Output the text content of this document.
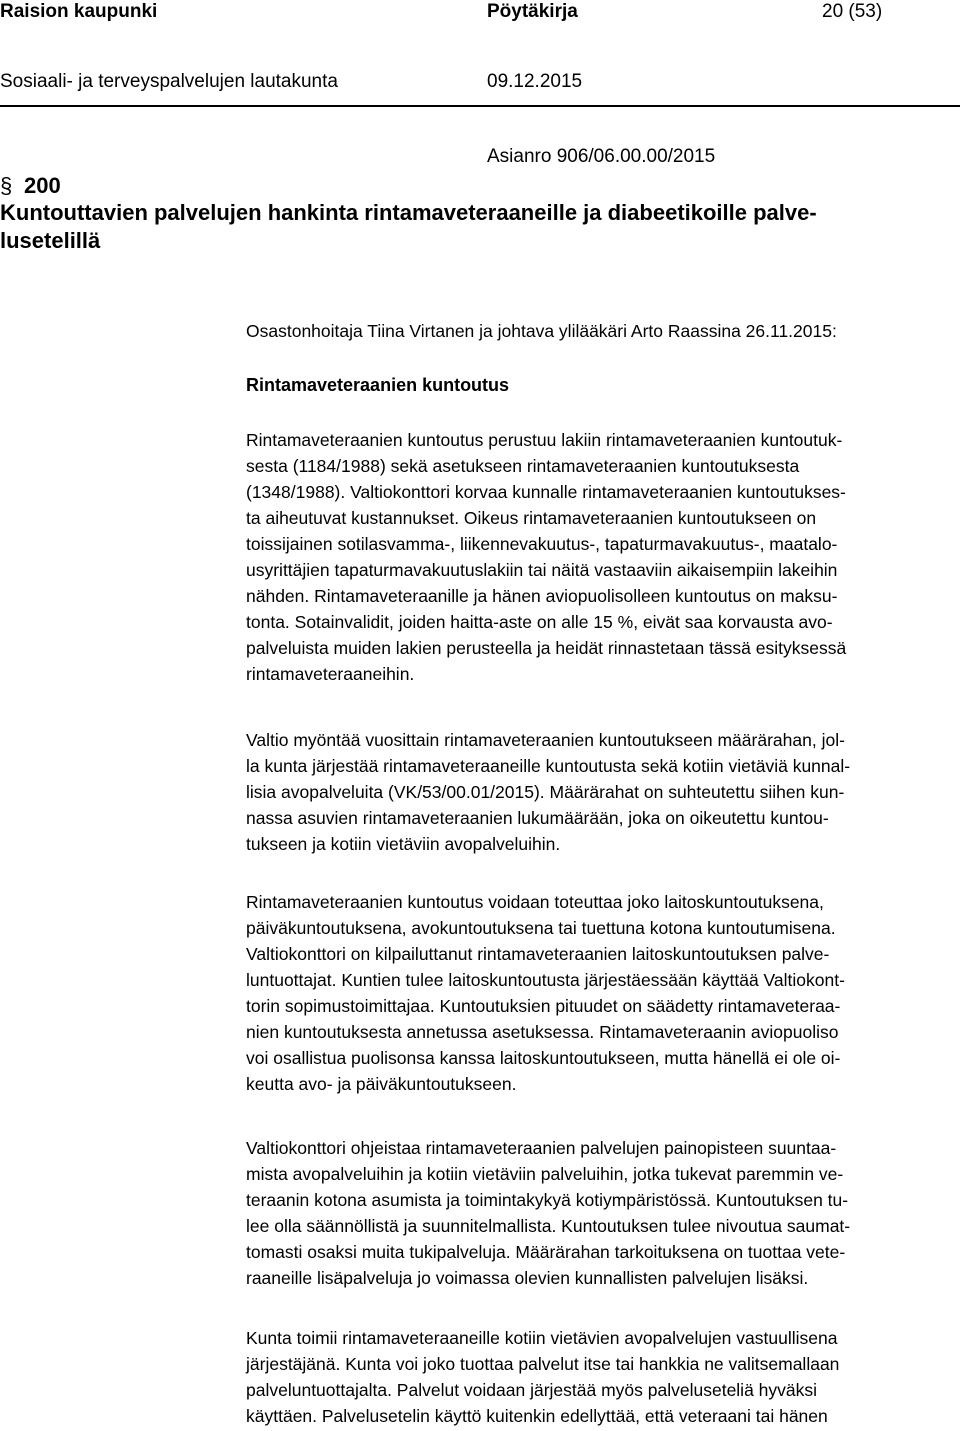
Raision kaupunki	Pöytäkirja	20 (53)
Sosiaali- ja terveyspalvelujen lautakunta	09.12.2015
Asianro 906/06.00.00/2015
§ 200
Kuntouttavien palvelujen hankinta rintamaveteraaneille ja diabeetikoille palve-
lusetelillä

Osastonhoitaja Tiina Virtanen ja johtava ylilääkäri Arto Raassina 26.11.2015:

Rintamaveteraanien kuntoutus
Rintamaveteraanien kuntoutus perustuu lakiin rintamaveteraanien kuntoutuk-
sesta (1184/1988) sekä asetukseen rintamaveteraanien kuntoutuksesta
(1348/1988). Valtiokonttori korvaa kunnalle rintamaveteraanien kuntoutukses-
ta aiheutuvat kustannukset. Oikeus rintamaveteraanien kuntoutukseen on
toissijainen sotilasvamma-, liikennevakuutus-, tapaturmavakuutus-, maatalo-
usyrittäjien tapaturmavakuutuslakiin tai näitä vastaaviin aikaisempiin lakeihin
nähden. Rintamaveteraanille ja hänen aviopuolisolleen kuntoutus on maksu-
tonta. Sotainvalidit, joiden haitta-aste on alle 15 %, eivät saa korvausta avo-
palveluista muiden lakien perusteella ja heidät rinnastetaan tässä esityksessä
rintamaveteraaneihin.
Valtio myöntää vuosittain rintamaveteraanien kuntoutukseen määrärahan, jol-
la kunta järjestää rintamaveteraaneille kuntoutusta sekä kotiin vietäviä kunnal-
lisia avopalveluita (VK/53/00.01/2015). Määrärahat on suhteutettu siihen kun-
nassa asuvien rintamaveteraanien lukumäärään, joka on oikeutettu kuntou-
tukseen ja kotiin vietäviin avopalveluihin.
Rintamaveteraanien kuntoutus voidaan toteuttaa joko laitoskuntoutuksena,
päiväkuntoutuksena, avokuntoutuksena tai tuettuna kotona kuntoutumisena.
Valtiokonttori on kilpailuttanut rintamaveteraanien laitoskuntoutuksen palve-
luntuottajat. Kuntien tulee laitoskuntoutusta järjestäessään käyttää Valtiokont-
torin sopimustoimittajaa. Kuntoutuksien pituudet on säädetty rintamaveteraa-
nien kuntoutuksesta annetussa asetuksessa. Rintamaveteraanin aviopuoliso
voi osallistua puolisonsa kanssa laitoskuntoutukseen, mutta hänellä ei ole oi-
keutta avo- ja päiväkuntoutukseen.
Valtiokonttori ohjeistaa rintamaveteraanien palvelujen painopisteen suuntaa-
mista avopalveluihin ja kotiin vietäviin palveluihin, jotka tukevat paremmin ve-
teraanin kotona asumista ja toimintakykyä kotiympäristössä. Kuntoutuksen tu-
lee olla säännöllistä ja suunnitelmallista. Kuntoutuksen tulee nivoutua saumat-
tomasti osaksi muita tukipalveluja. Määrärahan tarkoituksena on tuottaa vete-
raaneille lisäpalveluja jo voimassa olevien kunnallisten palvelujen lisäksi.
Kunta toimii rintamaveteraaneille kotiin vietävien avopalvelujen vastuullisena
järjestäjänä. Kunta voi joko tuottaa palvelut itse tai hankkia ne valitsemallaan
palveluntuottajalta. Palvelut voidaan järjestää myös palveluseteliä hyväksi
käyttäen. Palvelusetelin käyttö kuitenkin edellyttää, että veteraani tai hänen
